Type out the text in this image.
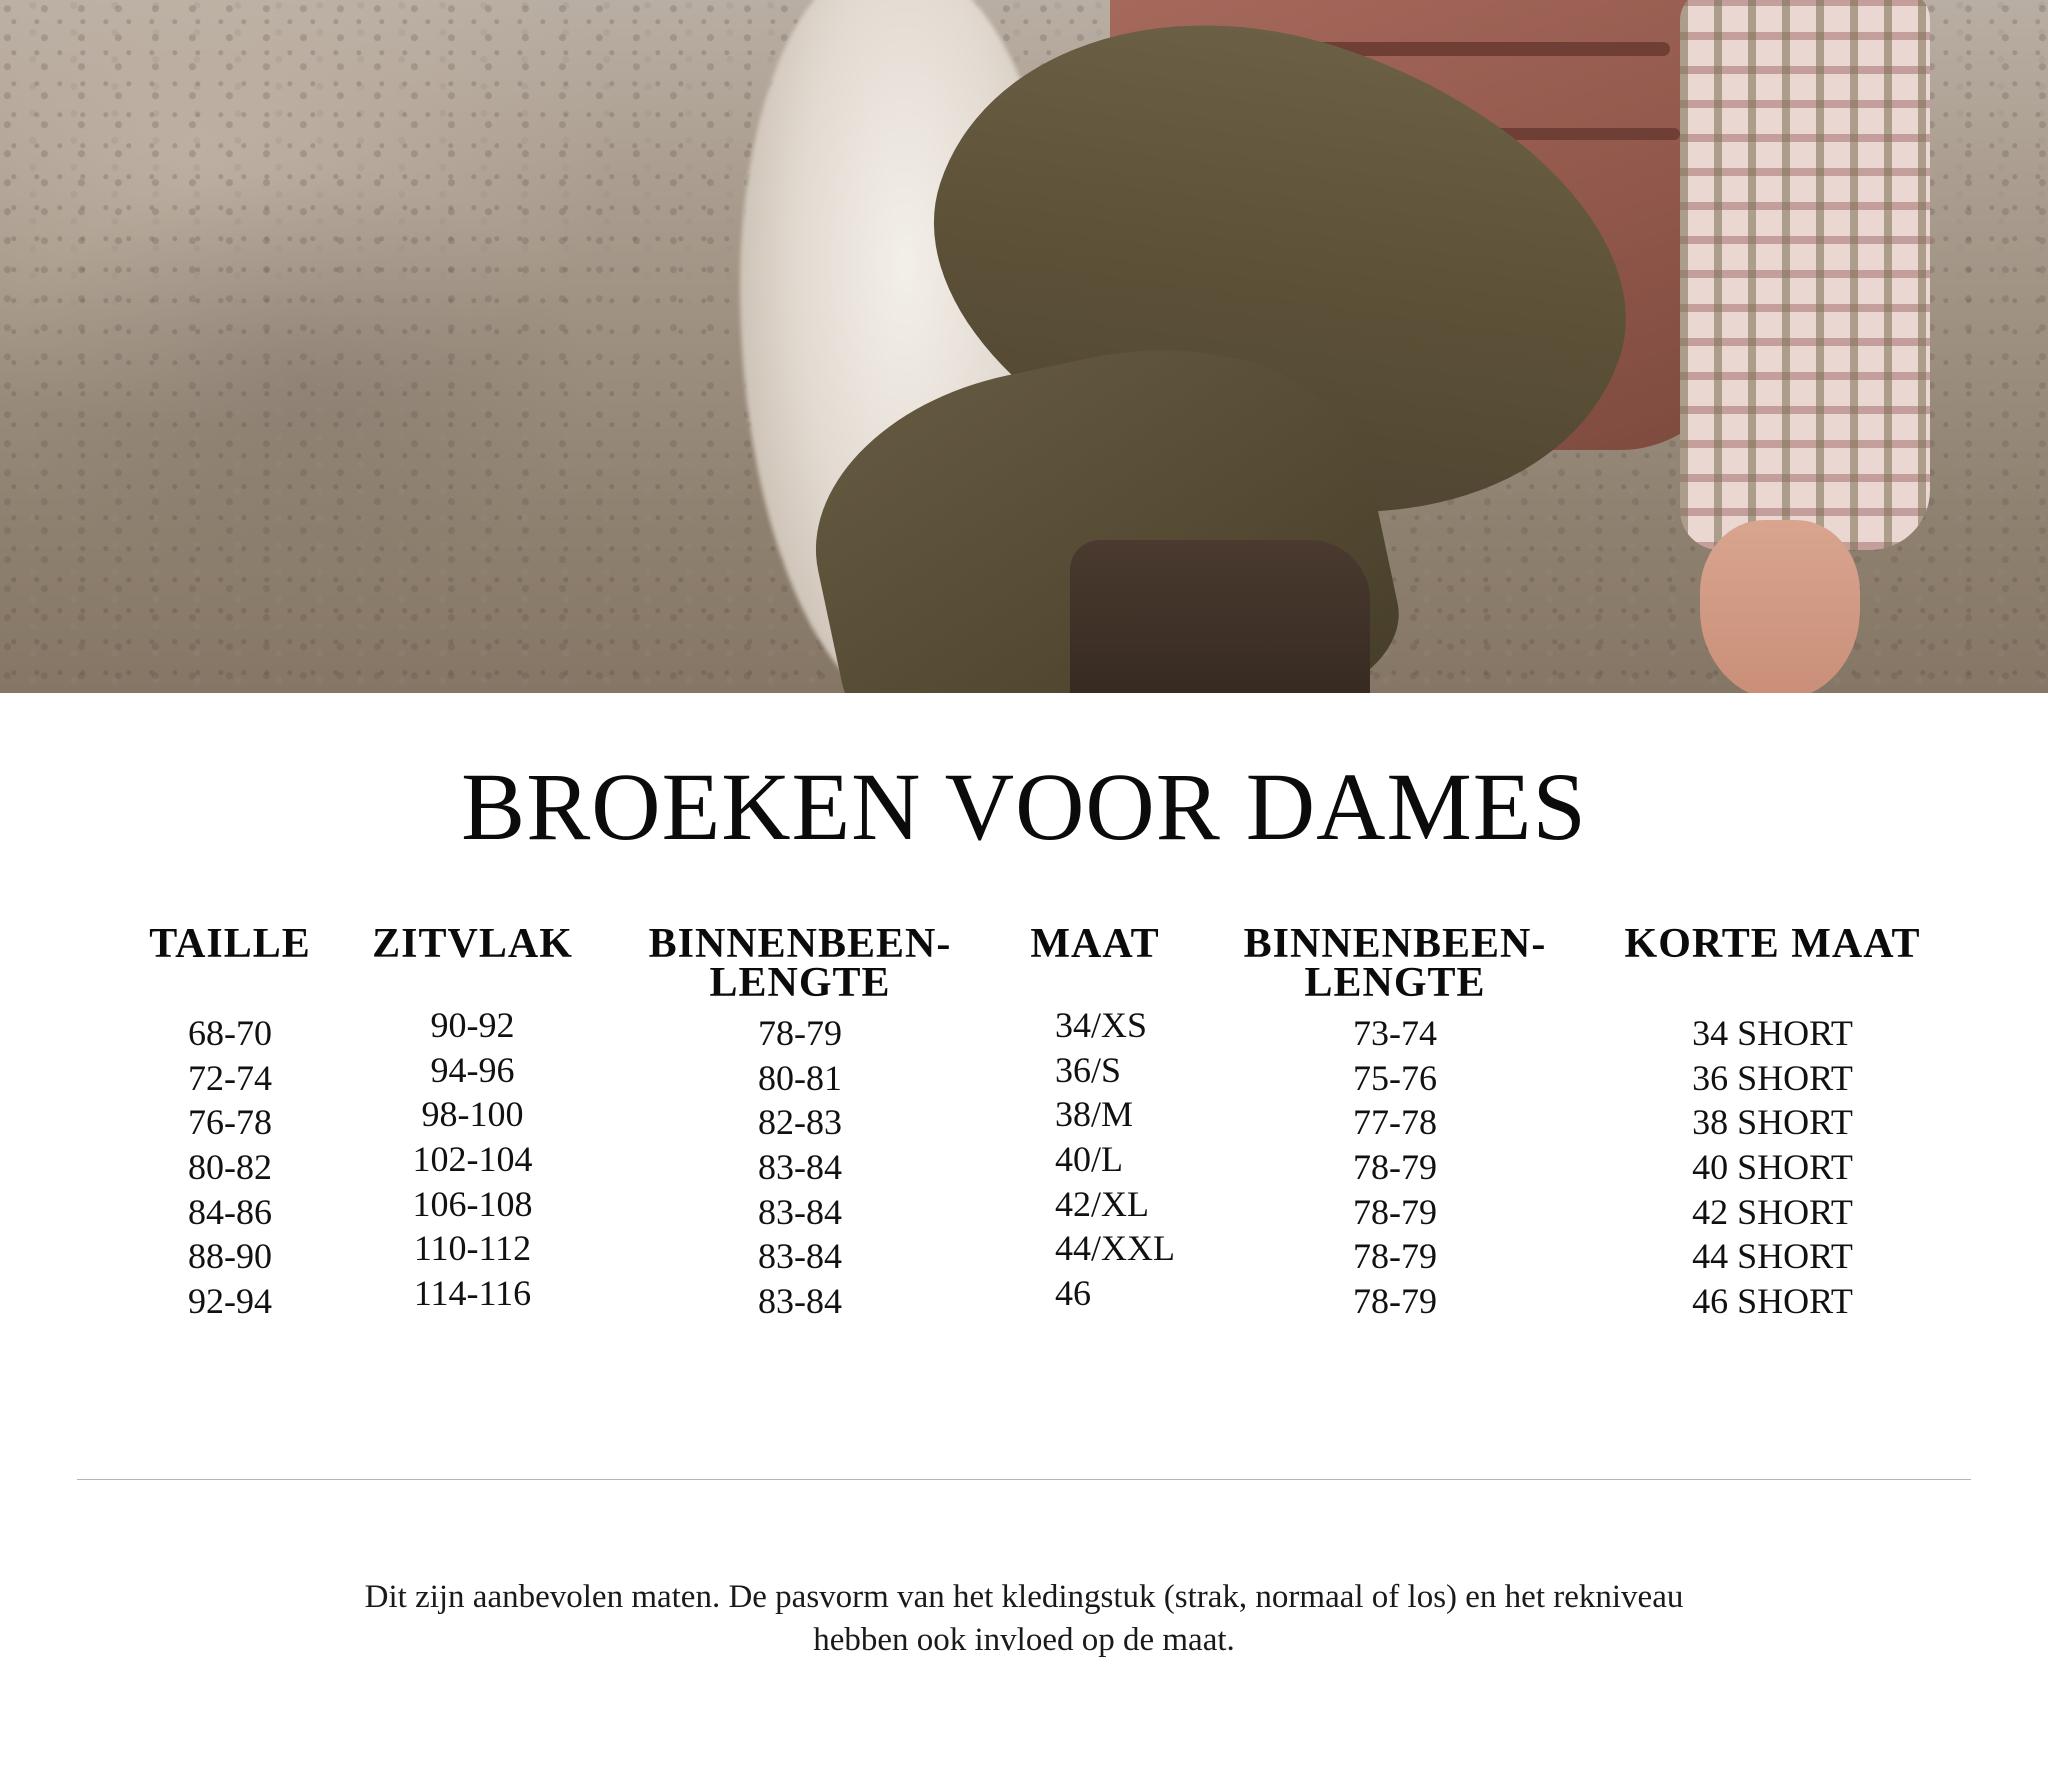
BROEKEN VOOR DAMES
TAILLE
68-70
72-74
76-78
80-82
84-86
88-90
92-94
ZITVLAK
90-92
94-96
98-100
102-104
106-108
110-112
114-116
BINNENBEEN-
LENGTE
78-79
80-81
82-83
83-84
83-84
83-84
83-84
MAAT
34/XS
36/S
38/M
40/L
42/XL
44/XXL
46
BINNENBEEN-
LENGTE
73-74
75-76
77-78
78-79
78-79
78-79
78-79
KORTE MAAT
34 SHORT
36 SHORT
38 SHORT
40 SHORT
42 SHORT
44 SHORT
46 SHORT

Dit zijn aanbevolen maten. De pasvorm van het kledingstuk (strak, normaal of los) en het rekniveau
hebben ook invloed op de maat.
